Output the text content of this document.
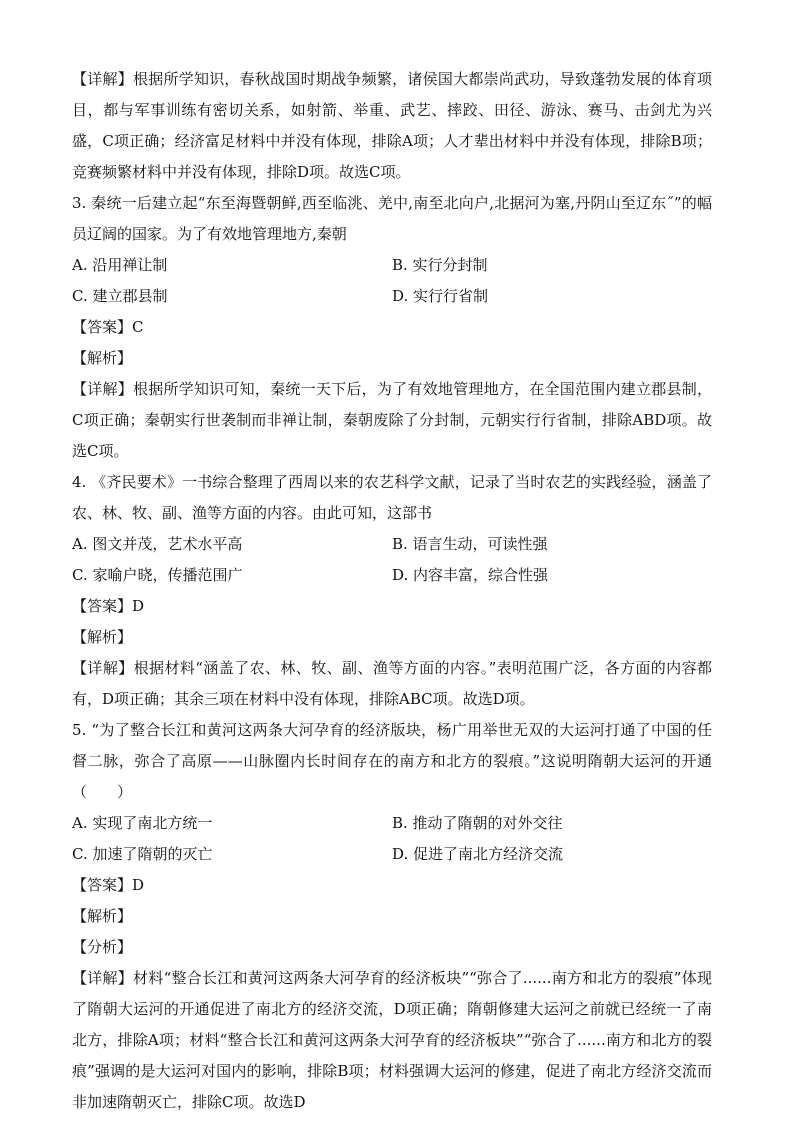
【详解】根据所学知识，春秋战国时期战争频繁，诸侯国大都崇尚武功，导致蓬勃发展的体育项目，都与军事训练有密切关系，如射箭、举重、武艺、摔跤、田径、游泳、赛马、击剑尤为兴盛，C项正确；经济富足材料中并没有体现，排除A项；人才辈出材料中并没有体现，排除B项；竞赛频繁材料中并没有体现，排除D项。故选C项。

3. 秦统一后建立起“东至海暨朝鲜,西至临洮、羌中,南至北向户,北据河为塞,丹阴山至辽东˝”的幅员辽阔的国家。为了有效地管理地方,秦朝

A. 沿用禅让制	B. 实行分封制
C. 建立郡县制	D. 实行行省制

【答案】C

【解析】

【详解】根据所学知识可知，秦统一天下后，为了有效地管理地方，在全国范围内建立郡县制，C项正确；秦朝实行世袭制而非禅让制，秦朝废除了分封制，元朝实行行省制，排除ABD项。故选C项。

4. 《齐民要术》一书综合整理了西周以来的农艺科学文献，记录了当时农艺的实践经验，涵盖了农、林、牧、副、渔等方面的内容。由此可知，这部书

A. 图文并茂，艺术水平高	B. 语言生动，可读性强
C. 家喻户晓，传播范围广	D. 内容丰富，综合性强

【答案】D

【解析】

【详解】根据材料“涵盖了农、林、牧、副、渔等方面的内容。”表明范围广泛，各方面的内容都有，D项正确；其余三项在材料中没有体现，排除ABC项。故选D项。

5. “为了整合长江和黄河这两条大河孕育的经济版块，杨广用举世无双的大运河打通了中国的任督二脉，弥合了高原——山脉圈内长时间存在的南方和北方的裂痕。”这说明隋朝大运河的开通（　　）

A. 实现了南北方统一	B. 推动了隋朝的对外交往
C. 加速了隋朝的灭亡	D. 促进了南北方经济交流

【答案】D

【解析】

【分析】

【详解】材料“整合长江和黄河这两条大河孕育的经济板块”“弥合了......南方和北方的裂痕”体现了隋朝大运河的开通促进了南北方的经济交流，D项正确；隋朝修建大运河之前就已经统一了南北方，排除A项；材料“整合长江和黄河这两条大河孕育的经济板块”“弥合了......南方和北方的裂痕”强调的是大运河对国内的影响，排除B项；材料强调大运河的修建，促进了南北方经济交流而非加速隋朝灭亡，排除C项。故选D
